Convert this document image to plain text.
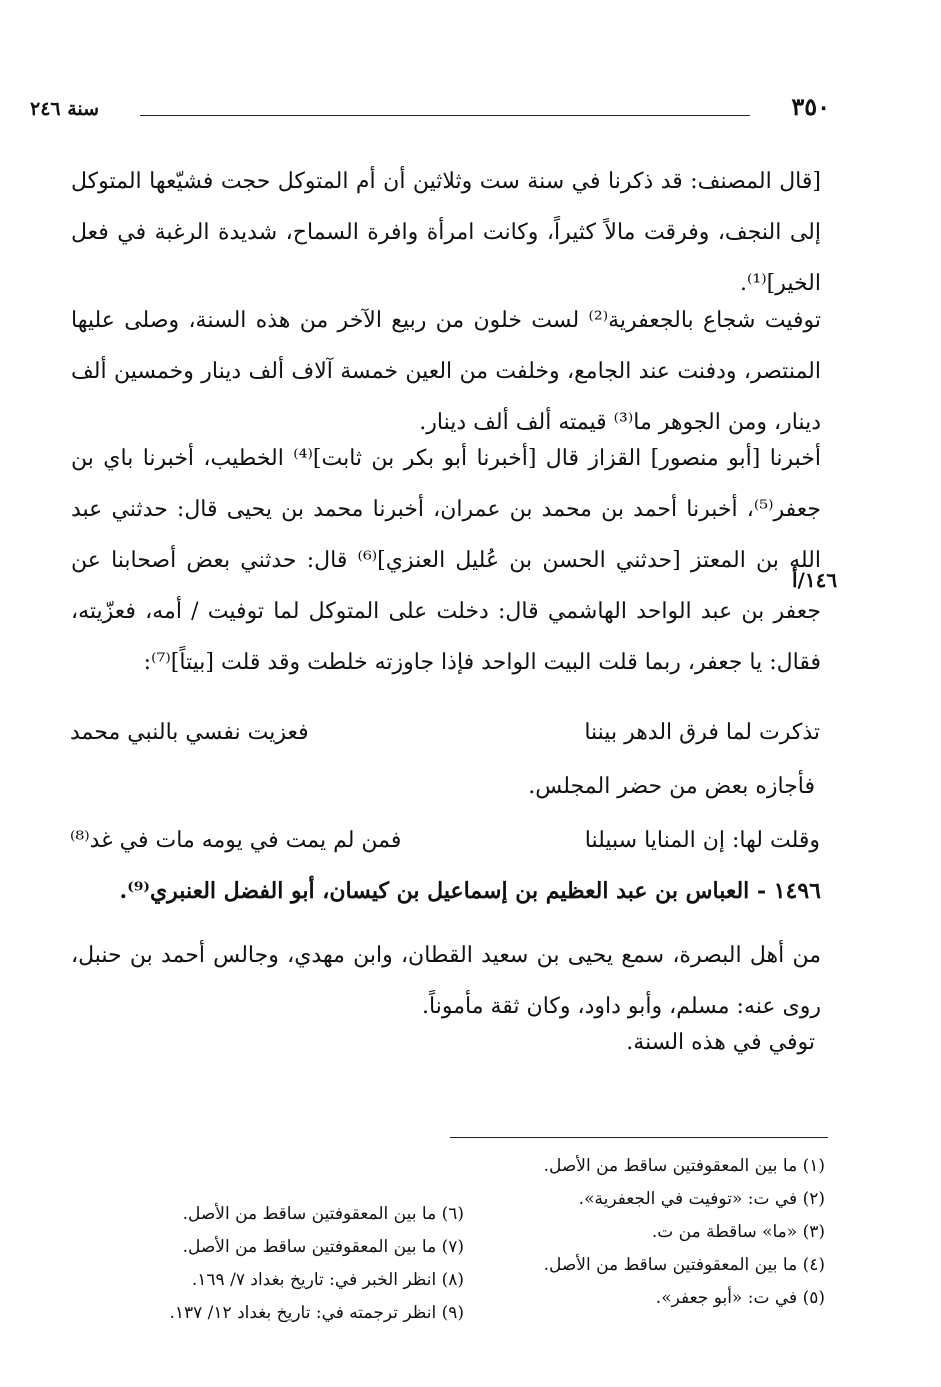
٣٥٠
سنة ٢٤٦

[قال المصنف: قد ذكرنا في سنة ست وثلاثين أن أم المتوكل حجت فشيّعها المتوكل إلى النجف، وفرقت مالاً كثيراً، وكانت امرأة وافرة السماح، شديدة الرغبة في فعل الخير]⁽¹⁾.

توفيت شجاع بالجعفرية⁽²⁾ لست خلون من ربيع الآخر من هذه السنة، وصلى عليها المنتصر، ودفنت عند الجامع، وخلفت من العين خمسة آلاف ألف دينار وخمسين ألف دينار، ومن الجوهر ما⁽³⁾ قيمته ألف ألف دينار.

أخبرنا [أبو منصور] القزاز قال [أخبرنا أبو بكر بن ثابت]⁽⁴⁾ الخطيب، أخبرنا باي بن جعفر⁽⁵⁾، أخبرنا أحمد بن محمد بن عمران، أخبرنا محمد بن يحيى قال: حدثني عبد الله بن المعتز [حدثني الحسن بن عُليل العنزي]⁽⁶⁾ قال: حدثني بعض أصحابنا عن جعفر بن عبد الواحد الهاشمي قال: دخلت على المتوكل لما توفيت / أمه، فعزّيته، فقال: يا جعفر، ربما قلت البيت الواحد فإذا جاوزته خلطت وقد قلت [بيتاً]⁽⁷⁾:

١٤٦/أ
تذكرت لما فرق الدهر بيننا
فعزيت نفسي بالنبي محمد
فأجازه بعض من حضر المجلس.
وقلت لها: إن المنايا سبيلنا
فمن لم يمت في يومه مات في غد⁽⁸⁾
١٤٩٦ - العباس بن عبد العظيم بن إسماعيل بن كيسان، أبو الفضل العنبري⁽⁹⁾.

من أهل البصرة، سمع يحيى بن سعيد القطان، وابن مهدي، وجالس أحمد بن حنبل، روى عنه: مسلم، وأبو داود، وكان ثقة مأموناً.

توفي في هذه السنة.
(١) ما بين المعقوفتين ساقط من الأصل.
(٢) في ت: «توفيت في الجعفرية».
(٣) «ما» ساقطة من ت.
(٤) ما بين المعقوفتين ساقط من الأصل.
(٥) في ت: «أبو جعفر».
(٦) ما بين المعقوفتين ساقط من الأصل.
(٧) ما بين المعقوفتين ساقط من الأصل.
(٨) انظر الخبر في: تاريخ بغداد ٧/ ١٦٩.
(٩) انظر ترجمته في: تاريخ بغداد ١٢/ ١٣٧.
